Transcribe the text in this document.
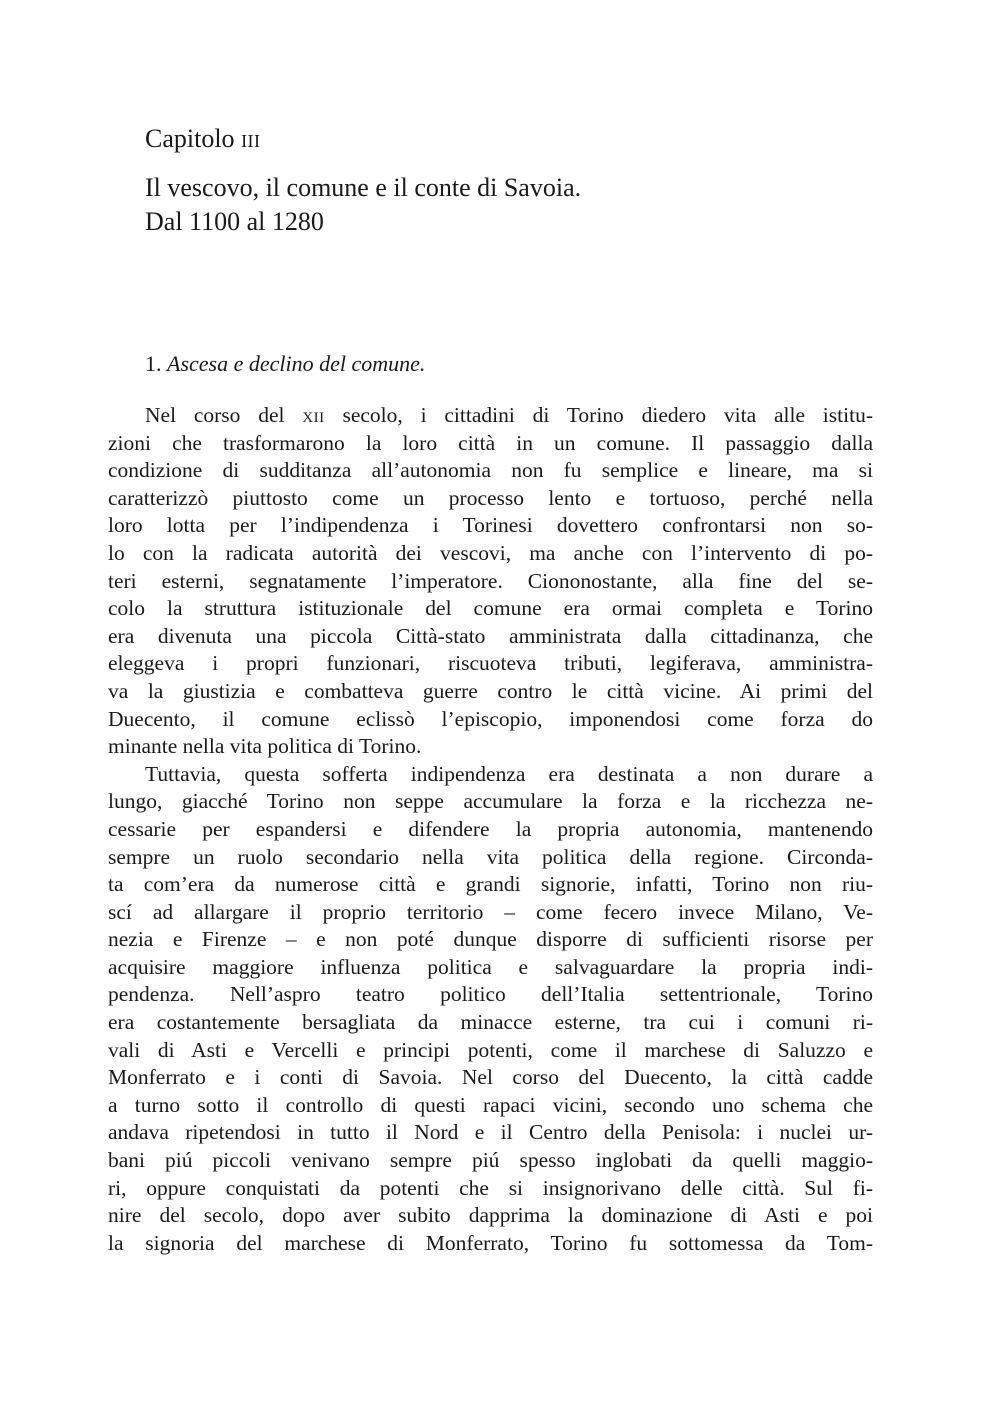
Capitolo iii
Il vescovo, il comune e il conte di Savoia.
Dal 1100 al 1280
1. Ascesa e declino del comune.
Nel corso del xii secolo, i cittadini di Torino diedero vita alle istitu-
zioni che trasformarono la loro città in un comune. Il passaggio dalla
condizione di sudditanza all’autonomia non fu semplice e lineare, ma si
caratterizzò piuttosto come un processo lento e tortuoso, perché nella
loro lotta per l’indipendenza i Torinesi dovettero confrontarsi non so-
lo con la radicata autorità dei vescovi, ma anche con l’intervento di po-
teri esterni, segnatamente l’imperatore. Ciononostante, alla fine del se-
colo la struttura istituzionale del comune era ormai completa e Torino
era divenuta una piccola Città-stato amministrata dalla cittadinanza, che
eleggeva i propri funzionari, riscuoteva tributi, legiferava, amministra-
va la giustizia e combatteva guerre contro le città vicine. Ai primi del
Duecento, il comune eclissò l’episcopio, imponendosi come forza do
minante nella vita politica di Torino.
Tuttavia, questa sofferta indipendenza era destinata a non durare a
lungo, giacché Torino non seppe accumulare la forza e la ricchezza ne-
cessarie per espandersi e difendere la propria autonomia, mantenendo
sempre un ruolo secondario nella vita politica della regione. Circonda-
ta com’era da numerose città e grandi signorie, infatti, Torino non riu-
scí ad allargare il proprio territorio – come fecero invece Milano, Ve-
nezia e Firenze – e non poté dunque disporre di sufficienti risorse per
acquisire maggiore influenza politica e salvaguardare la propria indi-
pendenza. Nell’aspro teatro politico dell’Italia settentrionale, Torino
era costantemente bersagliata da minacce esterne, tra cui i comuni ri-
vali di Asti e Vercelli e principi potenti, come il marchese di Saluzzo e
Monferrato e i conti di Savoia. Nel corso del Duecento, la città cadde
a turno sotto il controllo di questi rapaci vicini, secondo uno schema che
andava ripetendosi in tutto il Nord e il Centro della Penisola: i nuclei ur-
bani piú piccoli venivano sempre piú spesso inglobati da quelli maggio-
ri, oppure conquistati da potenti che si insignorivano delle città. Sul fi-
nire del secolo, dopo aver subito dapprima la dominazione di Asti e poi
la signoria del marchese di Monferrato, Torino fu sottomessa da Tom-
